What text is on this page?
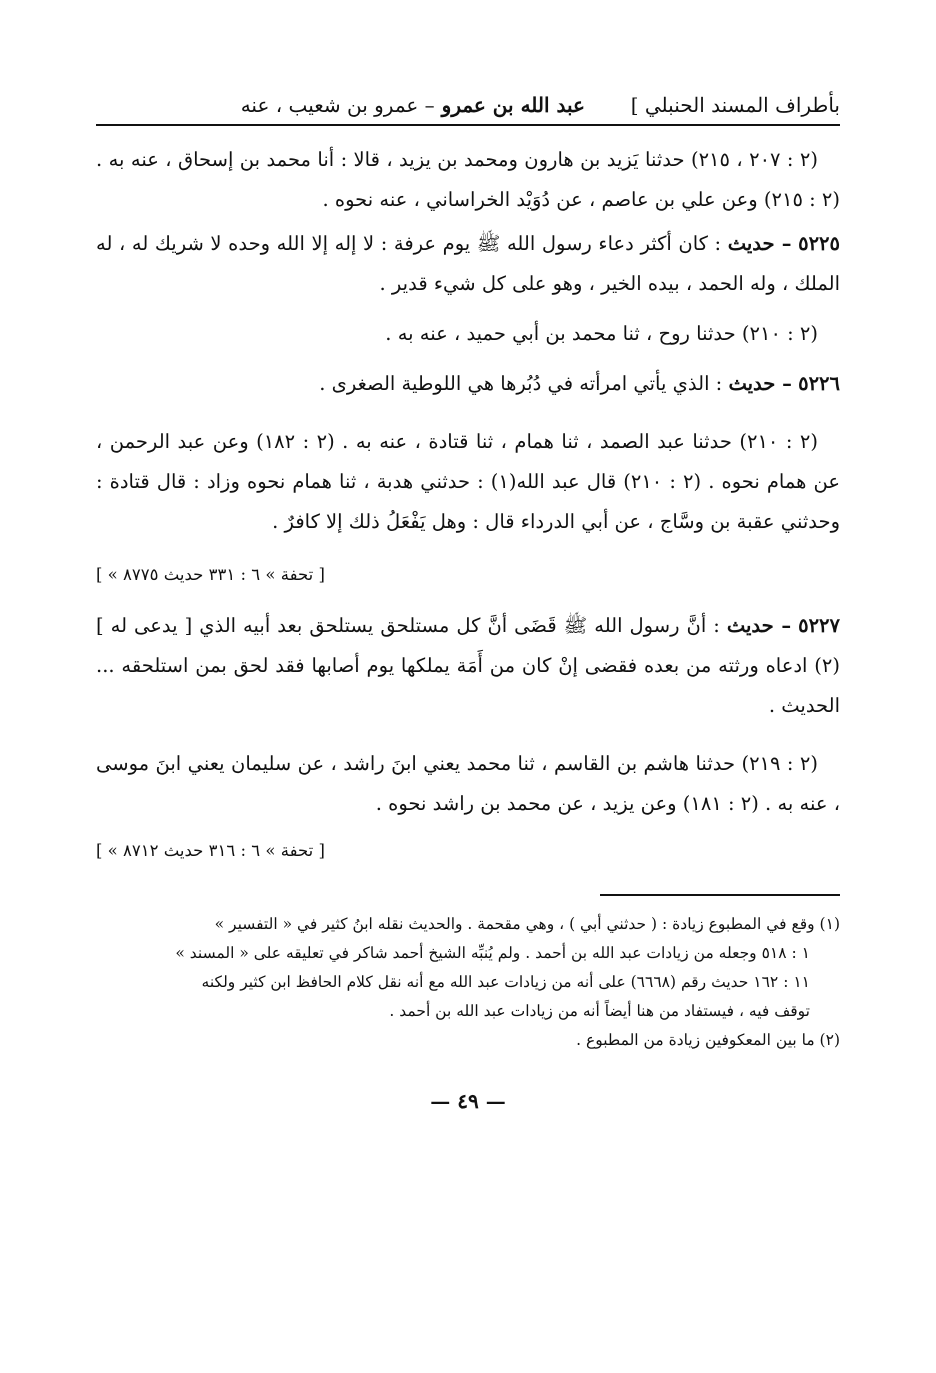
بأطراف المسند الحنبلي ]
عبد الله بن عمرو – عمرو بن شعيب ، عنه

(٢ : ٢٠٧ ، ٢١٥) حدثنا يَزيد بن هارون ومحمد بن يزيد ، قالا : أنا محمد بن إسحاق ، عنه به . (٢ : ٢١٥) وعن علي بن عاصم ، عن دُوَيْد الخراساني ، عنه نحوه .

٥٢٢٥ – حديث : كان أكثر دعاء رسول الله ﷺ يوم عرفة : لا إله إلا الله وحده لا شريك له ، له الملك ، وله الحمد ، بيده الخير ، وهو على كل شيء قدير .

(٢ : ٢١٠) حدثنا روح ، ثنا محمد بن أبي حميد ، عنه به .

٥٢٢٦ – حديث : الذي يأتي امرأته في دُبُرها هي اللوطية الصغرى .

(٢ : ٢١٠) حدثنا عبد الصمد ، ثنا همام ، ثنا قتادة ، عنه به . (٢ : ١٨٢) وعن عبد الرحمن ، عن همام نحوه . (٢ : ٢١٠) قال عبد الله(١) : حدثني هدبة ، ثنا همام نحوه وزاد : قال قتادة : وحدثني عقبة بن وسَّاج ، عن أبي الدرداء قال : وهل يَفْعَلُ ذلك إلا كافرٌ .

[ « تحفة » ٦ : ٣٣١ حديث ٨٧٧٥ ]

٥٢٢٧ – حديث : أنَّ رسول الله ﷺ قَضَى أنَّ كل مستلحق يستلحق بعد أبيه الذي [ يدعى له ](٢) ادعاه ورثته من بعده فقضى إنْ كان من أَمَة يملكها يوم أصابها فقد لحق بمن استلحقه ... الحديث .

(٢ : ٢١٩) حدثنا هاشم بن القاسم ، ثنا محمد يعني ابنَ راشد ، عن سليمان يعني ابنَ موسى ، عنه به . (٢ : ١٨١) وعن يزيد ، عن محمد بن راشد نحوه .

[ « تحفة » ٦ : ٣١٦ حديث ٨٧١٢ ]

(١) وقع في المطبوع زيادة : ( حدثني أبي ) ، وهي مقحمة . والحديث نقله ابنُ كثير في « التفسير »
١ : ٥١٨ وجعله من زيادات عبد الله بن أحمد . ولم يُنبِّه الشيخ أحمد شاكر في تعليقه على « المسند »
١١ : ١٦٢ حديث رقم (٦٦٦٨) على أنه من زيادات عبد الله مع أنه نقل كلام الحافظ ابن كثير ولكنه
توقف فيه ، فيستفاد من هنا أيضاً أنه من زيادات عبد الله بن أحمد .
(٢) ما بين المعكوفين زيادة من المطبوع .
— ٤٩ —
